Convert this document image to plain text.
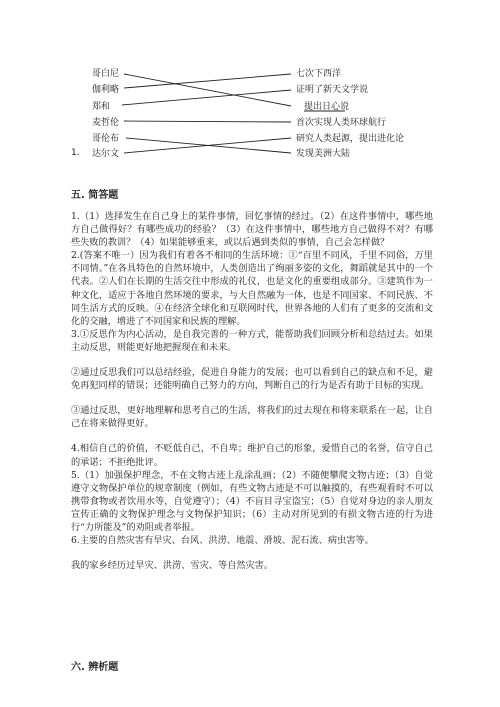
哥白尼
伽利略
郑和
麦哲伦
哥伦布
达尔文
1.
七次下西洋
证明了新天文学说
提出日心说
首次实现人类环球航行
研究人类起源，提出进化论
发现美洲大陆
五. 简答题

1.（1）选择发生在自己身上的某件事情，回忆事情的经过。（2）在这件事情中，哪些地方自己做得好？有哪些成功的经验？（3）在这件事情中，哪些地方自己做得不对？有哪些失败的教训？（4）如果能够重来，或以后遇到类似的事情，自己会怎样做？

2.(答案不唯一）因为我们有着各不相同的生活环境：①“百里不同风，千里不同俗，万里不同情。”在各具特色的自然环境中，人类创造出了绚丽多姿的文化，舞蹈就是其中的一个代表。②人们在长期的生活交往中形成的礼仪，也是文化的重要组成部分。③建筑作为一种文化，适应于各地自然环境的要求，与大自然融为一体，也是不同国家、不同民族、不同生活方式的反映。④在经济全球化和互联网时代，世界各地的人们有了更多的交流和文化的交融，增进了不同国家和民族的理解。

3.①反思作为内心活动，是自我完善的一种方式，能帮助我们回顾分析和总结过去。如果主动反思，则能更好地把握现在和未来。

②通过反思我们可以总结经验，促进自身能力的发展；也可以看到自己的缺点和不足，避免再犯同样的错误；还能明确自己努力的方向，判断自己的行为是否有助于目标的实现。

③通过反思，更好地理解和思考自己的生活，将我们的过去现在和将来联系在一起，让自己在将来做得更好。

4.相信自己的价值，不贬低自己，不自卑；维护自己的形象，爱惜自己的名誉，信守自己的承诺；不拒绝批评。

5.（1）加强保护理念，不在文物古迹上乱涂乱画；（2）不随便攀爬文物古迹；（3）自觉遵守文物保护单位的规章制度（例如，有些文物古迹是不可以触摸的，有些观看时不可以携带食物或者饮用水等，自觉遵守）；（4）不盲目寻宝盗宝；（5）自觉对身边的亲人朋友宣传正确的文物保护理念与文物保护知识；（6）主动对所见到的有损文物古迹的行为进行“力所能及”的劝阻或者举报。

6.主要的自然灾害有旱灾、台风、洪涝、地震、滑坡、泥石流、病虫害等。

我的家乡经历过旱灾、洪涝、雪灾、等自然灾害。

六. 辨析题
